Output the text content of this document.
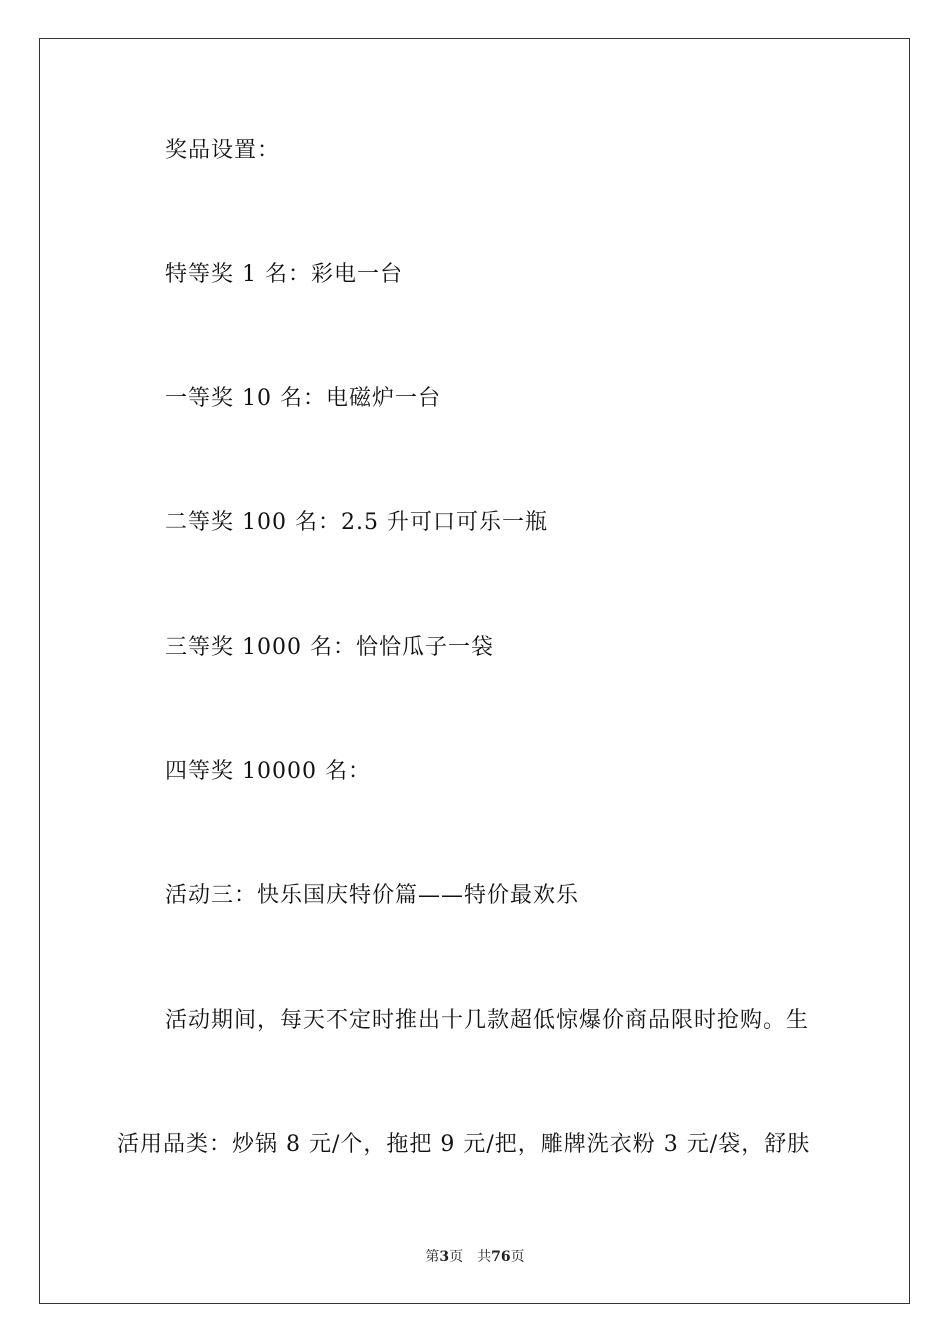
奖品设置：
特等奖 1 名：彩电一台
一等奖 10 名：电磁炉一台
二等奖 100 名：2.5 升可口可乐一瓶
三等奖 1000 名：恰恰瓜子一袋
四等奖 10000 名：
活动三：快乐国庆特价篇——特价最欢乐
活动期间，每天不定时推出十几款超低惊爆价商品限时抢购。生
活用品类：炒锅 8 元/个，拖把 9 元/把，雕牌洗衣粉 3 元/袋，舒肤
第3页 共76页
